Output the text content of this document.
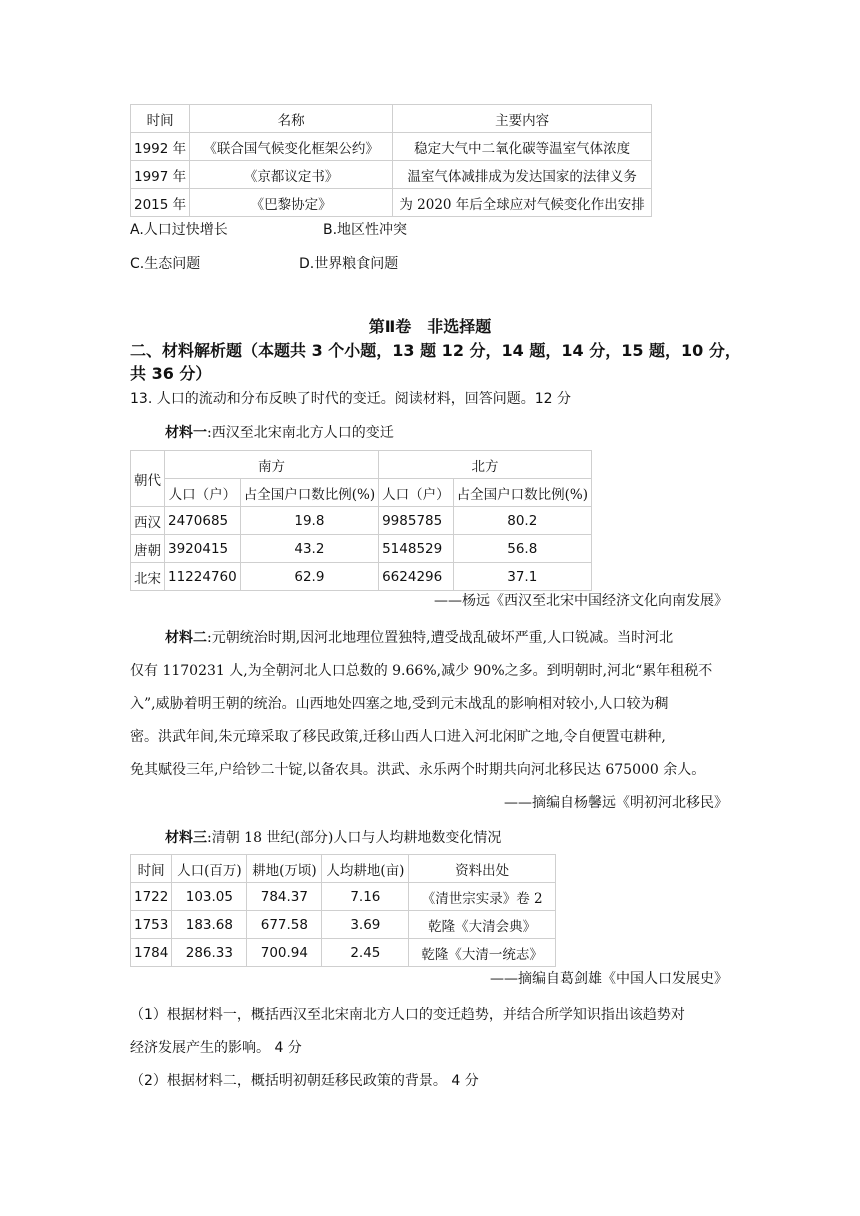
时间	名称	主要内容
1992 年	《联合国气候变化框架公约》	稳定大气中二氧化碳等温室气体浓度
1997 年	《京都议定书》	温室气体减排成为发达国家的法律义务
2015 年	《巴黎协定》	为 2020 年后全球应对气候变化作出安排
A.人口过快增长	B.地区性冲突
C.生态问题	D.世界粮食问题
第Ⅱ卷　非选择题
二、材料解析题（本题共 3 个小题，13 题 12 分，14 题，14 分，15 题，10 分，
共 36 分）
13. 人口的流动和分布反映了时代的变迁。阅读材料，回答问题。12 分
材料一:西汉至北宋南北方人口的变迁
朝代	南方		北方	
	人口（户）	占全国户口数比例(%)	人口（户）	占全国户口数比例(%)
西汉	2470685	19.8	9985785	80.2
唐朝	3920415	43.2	5148529	56.8
北宋	11224760	62.9	6624296	37.1
——杨远《西汉至北宋中国经济文化向南发展》
材料二:元朝统治时期,因河北地理位置独特,遭受战乱破坏严重,人口锐减。当时河北
仅有 1170231 人,为全朝河北人口总数的 9.66%,减少 90%之多。到明朝时,河北“累年租税不
入”,威胁着明王朝的统治。山西地处四塞之地,受到元末战乱的影响相对较小,人口较为稠
密。洪武年间,朱元璋采取了移民政策,迁移山西人口进入河北闲旷之地,令自便置屯耕种,
免其赋役三年,户给钞二十锭,以备农具。洪武、永乐两个时期共向河北移民达 675000 余人。
——摘编自杨馨远《明初河北移民》
材料三:清朝 18 世纪(部分)人口与人均耕地数变化情况
时间	人口(百万)	耕地(万顷)	人均耕地(亩)	资料出处
1722	103.05	784.37	7.16	《清世宗实录》卷 2
1753	183.68	677.58	3.69	乾隆《大清会典》
1784	286.33	700.94	2.45	乾隆《大清一统志》
——摘编自葛剑雄《中国人口发展史》
（1）根据材料一，概括西汉至北宋南北方人口的变迁趋势，并结合所学知识指出该趋势对
经济发展产生的影响。 4 分
（2）根据材料二，概括明初朝廷移民政策的背景。 4 分
